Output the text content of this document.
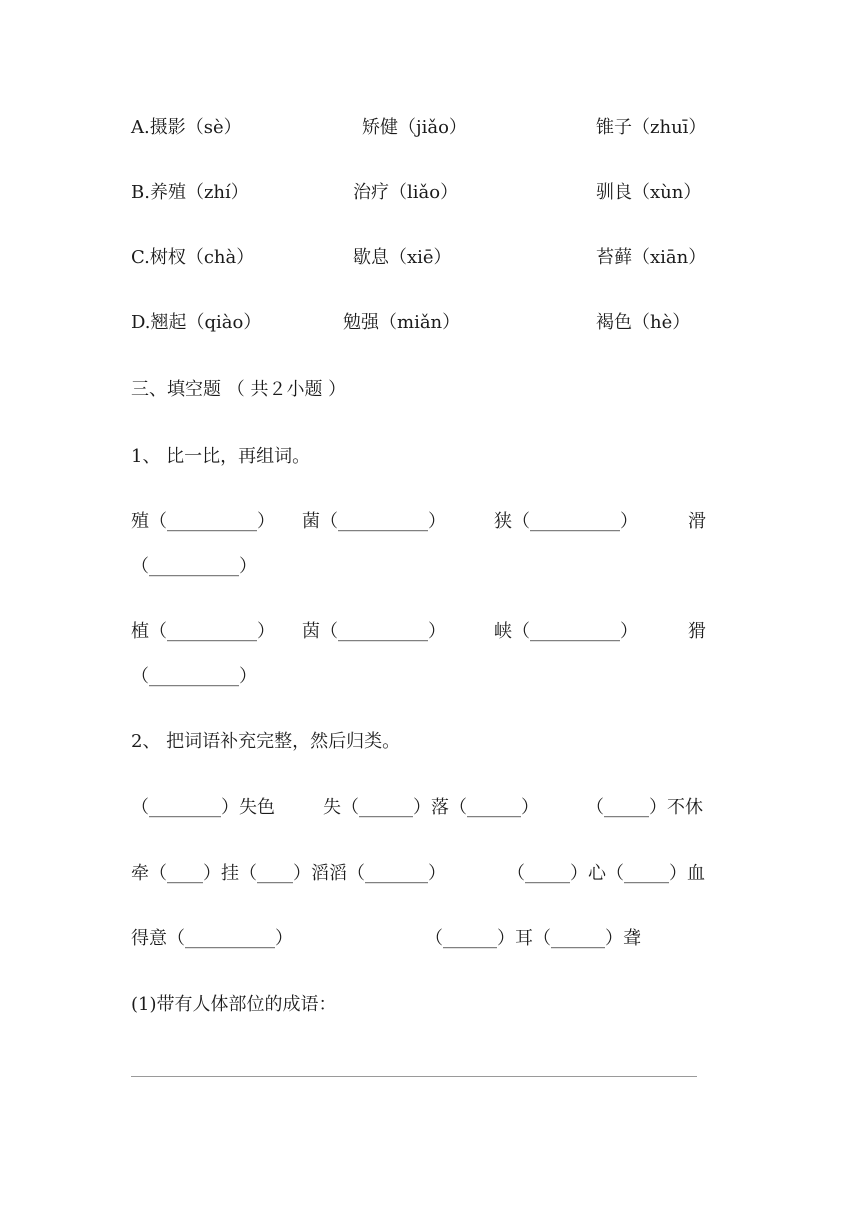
A.摄影（sè）	矫健（jiǎo）	锥子（zhuī）
B.养殖（zhí）	治疗（liǎo）	驯良（xùn）
C.树杈（chà）	歇息（xiē）	苔藓（xiān）
D.翘起（qiào）	勉强（miǎn）	褐色（hè）
三、填空题 （ 共２小题 ）
1、 比一比，再组词。
殖（__________） 菌（__________）	狭（__________）	滑
（__________）
植（__________） 茵（__________）	峡（__________）	猾
（__________）
2、 把词语补充完整，然后归类。
（________）失色	失（______）落（______）	（_____）不休
牵（____）挂（____）滔滔（_______）	（_____）心（_____）血
得意（__________）	（______）耳（______）聋
(1)带有人体部位的成语：
